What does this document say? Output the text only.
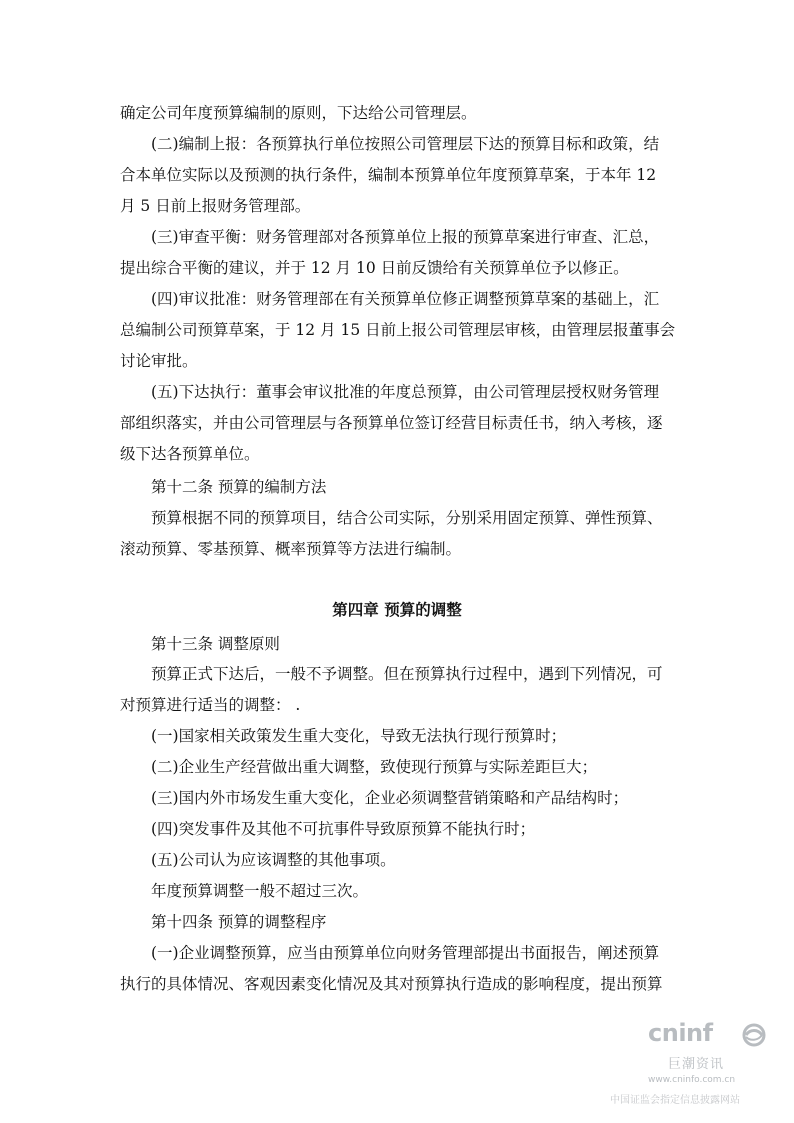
确定公司年度预算编制的原则，下达给公司管理层。
(二)编制上报：各预算执行单位按照公司管理层下达的预算目标和政策，结
合本单位实际以及预测的执行条件，编制本预算单位年度预算草案，于本年 12
月 5 日前上报财务管理部。
(三)审查平衡：财务管理部对各预算单位上报的预算草案进行审查、汇总，
提出综合平衡的建议，并于 12 月 10 日前反馈给有关预算单位予以修正。
(四)审议批准：财务管理部在有关预算单位修正调整预算草案的基础上，汇
总编制公司预算草案，于 12 月 15 日前上报公司管理层审核，由管理层报董事会
讨论审批。
(五)下达执行：董事会审议批准的年度总预算，由公司管理层授权财务管理
部组织落实，并由公司管理层与各预算单位签订经营目标责任书，纳入考核，逐
级下达各预算单位。
第十二条 预算的编制方法
预算根据不同的预算项目，结合公司实际，分别采用固定预算、弹性预算、
滚动预算、零基预算、概率预算等方法进行编制。
第四章 预算的调整
第十三条 调整原则
预算正式下达后，一般不予调整。但在预算执行过程中，遇到下列情况，可
对预算进行适当的调整： .
(一)国家相关政策发生重大变化，导致无法执行现行预算时；
(二)企业生产经营做出重大调整，致使现行预算与实际差距巨大；
(三)国内外市场发生重大变化，企业必须调整营销策略和产品结构时；
(四)突发事件及其他不可抗事件导致原预算不能执行时；
(五)公司认为应该调整的其他事项。
年度预算调整一般不超过三次。
第十四条 预算的调整程序
(一)企业调整预算，应当由预算单位向财务管理部提出书面报告，阐述预算
执行的具体情况、客观因素变化情况及其对预算执行造成的影响程度，提出预算
cninf
巨潮资讯
www.cninfo.com.cn
中国证监会指定信息披露网站
